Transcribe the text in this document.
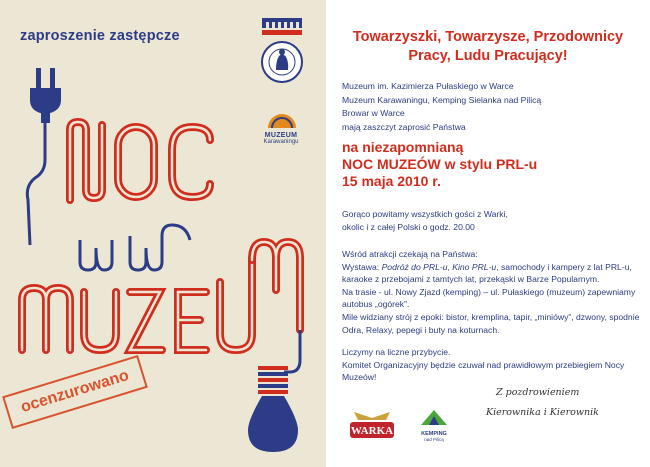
zaproszenie zastępcze
MUZEUM
Karawaningu
ocenzurowano
Towarzyszki, Towarzysze, Przodownicy
Pracy, Ludu Pracujący!
Muzeum im. Kazimierza Pułaskiego w Warce
Muzeum Karawaningu, Kemping Sielanka nad Pilicą
Browar w Warce
mają zaszczyt zaprosić Państwa
na niezapomnianą
NOC MUZEÓW w stylu PRL-u
15 maja 2010 r.
Gorąco powitamy wszystkich gości z Warki,
okolic i z całej Polski o godz. 20.00

Wśród atrakcji czekają na Państwa:

Wystawa: Podróż do PRL-u, Kino PRL-u, samochody i kampery z lat PRL-u, karaoke z przebojami z tamtych lat, przekąski w Barze Popularnym.

Na trasie - ul. Nowy Zjazd (kemping) – ul. Pułaskiego (muzeum) zapewniamy autobus „ogórek”.

Mile widziany strój z epoki: bistor, kremplina, tapir, „miniówy”, dzwony, spodnie Odra, Relaxy, pepegi i buty na koturnach.

Liczymy na liczne przybycie.

Komitet Organizacyjny będzie czuwał nad prawidłowym przebiegiem Nocy Muzeów!

Z pozdrowieniem
Kierownika i Kierownik
WARKA	KEMPING
nad Pilicą
